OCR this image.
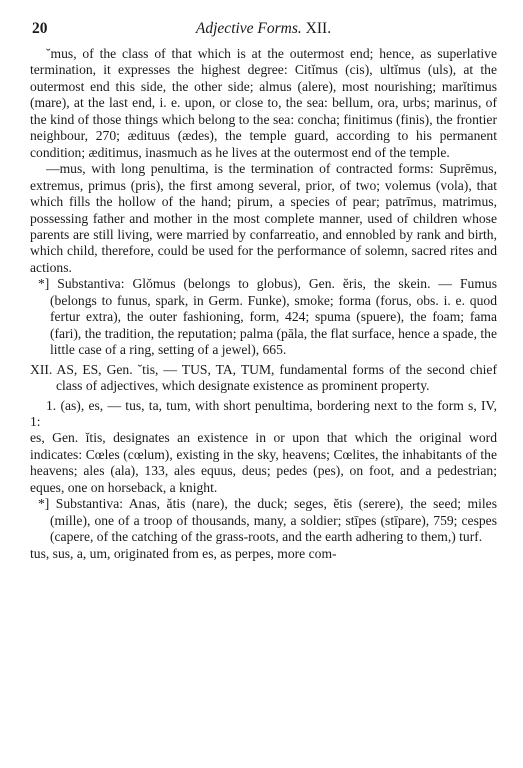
20	Adjective Forms. XII.

˘mus, of the class of that which is at the outermost end; hence, as superlative termination, it expresses the highest degree: Citĭmus (cis), ultĭmus (uls), at the outermost end this side, the other side; almus (alere), most nourishing; marĭtimus (mare), at the last end, i. e. upon, or close to, the sea: bellum, ora, urbs; marinus, of the kind of those things which belong to the sea: concha; finitimus (finis), the frontier neighbour, 270; ædituus (ædes), the temple guard, according to his permanent condition; æditimus, inasmuch as he lives at the outermost end of the temple.

—mus, with long penultima, is the termination of contracted forms: Suprēmus, extremus, primus (pris), the first among several, prior, of two; volemus (vola), that which fills the hollow of the hand; pirum, a species of pear; patrīmus, matrimus, possessing father and mother in the most complete manner, used of children whose parents are still living, were married by confarreatio, and ennobled by rank and birth, which child, therefore, could be used for the performance of solemn, sacred rites and actions.

*] Substantiva: Glŏmus (belongs to globus), Gen. ĕris, the skein. — Fumus (belongs to funus, spark, in Germ. Funke), smoke; forma (forus, obs. i. e. quod fertur extra), the outer fashioning, form, 424; spuma (spuere), the foam; fama (fari), the tradition, the reputation; palma (pāla, the flat surface, hence a spade, the little case of a ring, setting of a jewel), 665.

XII. AS, ES, Gen. ˘tis, — TUS, TA, TUM, fundamental forms of the second chief class of adjectives, which designate existence as prominent property.

1. (as), es, — tus, ta, tum, with short penultima, bordering next to the form s, IV, 1:

es, Gen. ĭtis, designates an existence in or upon that which the original word indicates: Cœles (cœlum), existing in the sky, heavens; Cœlites, the inhabitants of the heavens; ales (ala), 133, ales equus, deus; pedes (pes), on foot, and a pedestrian; eques, one on horseback, a knight.

*] Substantiva: Anas, ătis (nare), the duck; seges, ĕtis (serere), the seed; miles (mille), one of a troop of thousands, many, a soldier; stīpes (stīpare), 759; cespes (capere, of the catching of the grass-roots, and the earth adhering to them,) turf.

tus, sus, a, um, originated from es, as perpes, more com-
